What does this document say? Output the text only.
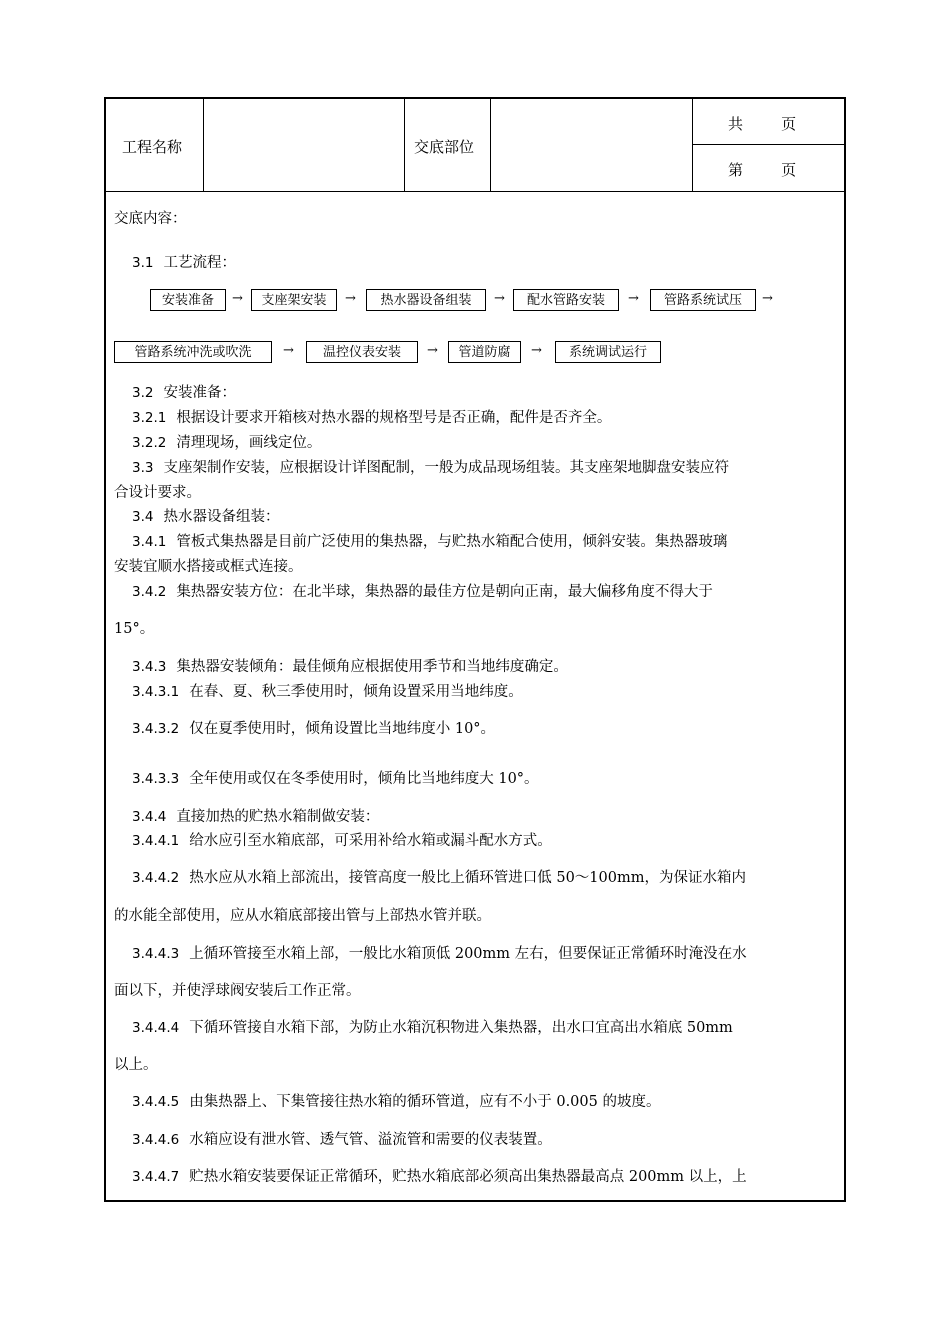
工程名称	交底部位
共        页
第        页
交底内容：
3.1 工艺流程：
安装准备	→	支座架安装	→	热水器设备组装	→	配水管路安装	→	管路系统试压	→
管路系统冲洗或吹洗	→	温控仪表安装	→	管道防腐	→	系统调试运行
3.2 安装准备：
3.2.1 根据设计要求开箱核对热水器的规格型号是否正确，配件是否齐全。
3.2.2 清理现场，画线定位。
3.3 支座架制作安装，应根据设计详图配制，一般为成品现场组装。其支座架地脚盘安装应符
合设计要求。
3.4 热水器设备组装：
3.4.1 管板式集热器是目前广泛使用的集热器，与贮热水箱配合使用，倾斜安装。集热器玻璃
安装宜顺水搭接或框式连接。
3.4.2 集热器安装方位：在北半球，集热器的最佳方位是朝向正南，最大偏移角度不得大于
15°。
3.4.3 集热器安装倾角：最佳倾角应根据使用季节和当地纬度确定。
3.4.3.1 在春、夏、秋三季使用时，倾角设置采用当地纬度。
3.4.3.2 仅在夏季使用时，倾角设置比当地纬度小 10°。
3.4.3.3 全年使用或仅在冬季使用时，倾角比当地纬度大 10°。
3.4.4 直接加热的贮热水箱制做安装：
3.4.4.1 给水应引至水箱底部，可采用补给水箱或漏斗配水方式。
3.4.4.2 热水应从水箱上部流出，接管高度一般比上循环管进口低 50～100mm，为保证水箱内
的水能全部使用，应从水箱底部接出管与上部热水管并联。
3.4.4.3 上循环管接至水箱上部，一般比水箱顶低 200mm 左右，但要保证正常循环时淹没在水
面以下，并使浮球阀安装后工作正常。
3.4.4.4 下循环管接自水箱下部，为防止水箱沉积物进入集热器，出水口宜高出水箱底 50mm
以上。
3.4.4.5 由集热器上、下集管接往热水箱的循环管道，应有不小于 0.005 的坡度。
3.4.4.6 水箱应设有泄水管、透气管、溢流管和需要的仪表装置。
3.4.4.7 贮热水箱安装要保证正常循环，贮热水箱底部必须高出集热器最高点 200mm 以上，上
